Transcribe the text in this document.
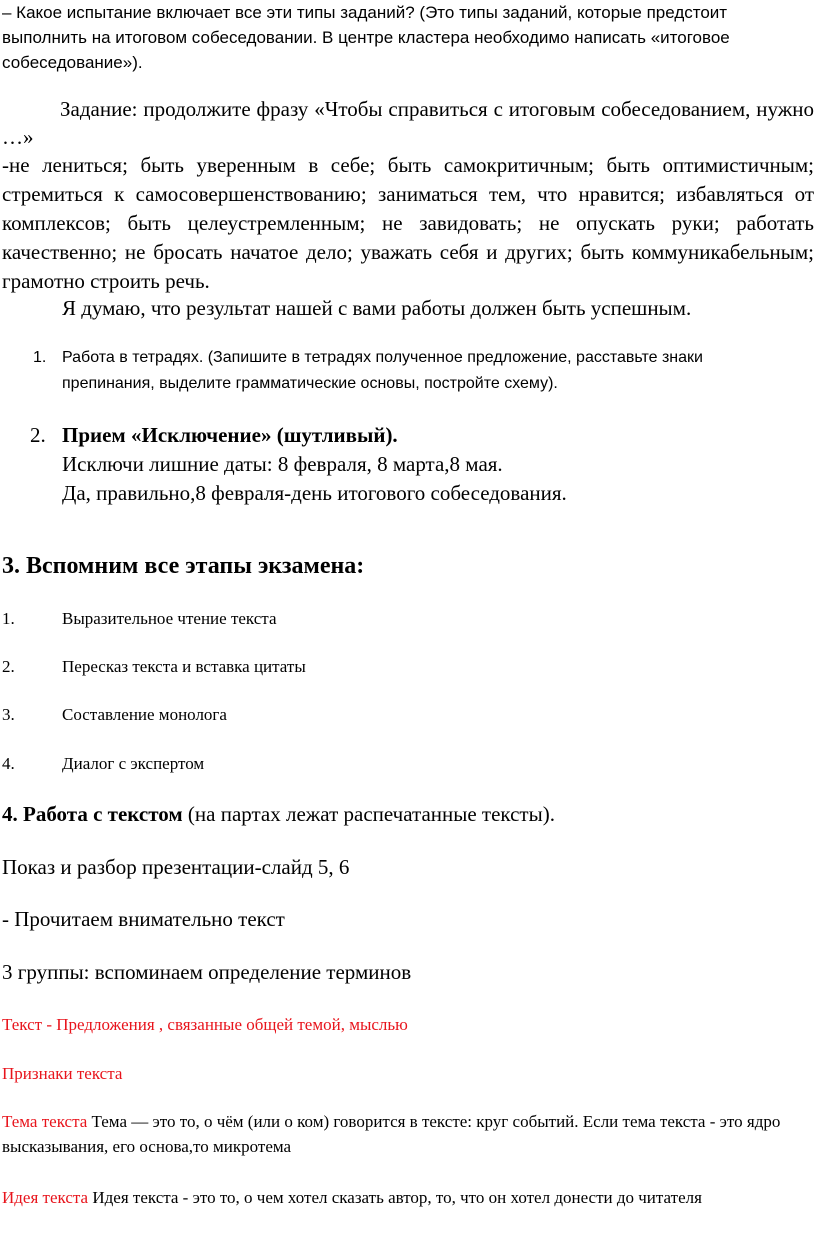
– Какое испытание включает все эти типы заданий? (Это типы заданий, которые предстоит выполнить на итоговом собеседовании. В центре кластера необходимо написать «итоговое собеседование»).
Задание: продолжите фразу «Чтобы справиться с итоговым собеседованием, нужно …»
-не лениться; быть уверенным в себе; быть самокритичным; быть оптимистичным; стремиться к самосовершенствованию; заниматься тем, что нравится; избавляться от комплексов; быть целеустремленным; не завидовать; не опускать руки; работать качественно; не бросать начатое дело; уважать себя и других; быть коммуникабельным; грамотно строить речь.
Я думаю, что результат нашей с вами работы должен быть успешным.
1. Работа в тетрадях. (Запишите в тетрадях полученное предложение, расставьте знаки препинания, выделите грамматические основы, постройте схему).
2. Прием «Исключение» (шутливый).
Исключи лишние даты: 8 февраля, 8 марта,8 мая.
Да, правильно,8 февраля-день итогового собеседования.
3. Вспомним все этапы экзамена:
1.	Выразительное чтение текста
2.	Пересказ текста и вставка цитаты
3.	Составление монолога
4.	Диалог с экспертом
4. Работа с текстом (на партах лежат распечатанные тексты).
Показ и разбор презентации-слайд 5, 6
- Прочитаем внимательно текст
3 группы: вспоминаем определение терминов
Текст - Предложения , связанные общей темой, мыслью
Признаки текста
Тема текста Тема — это то, о чём (или о ком) говорится в тексте: круг событий. Если тема текста - это ядро высказывания, его основа,то микротема
Идея текста Идея текста - это то, о чем хотел сказать автор, то, что он хотел донести до читателя
